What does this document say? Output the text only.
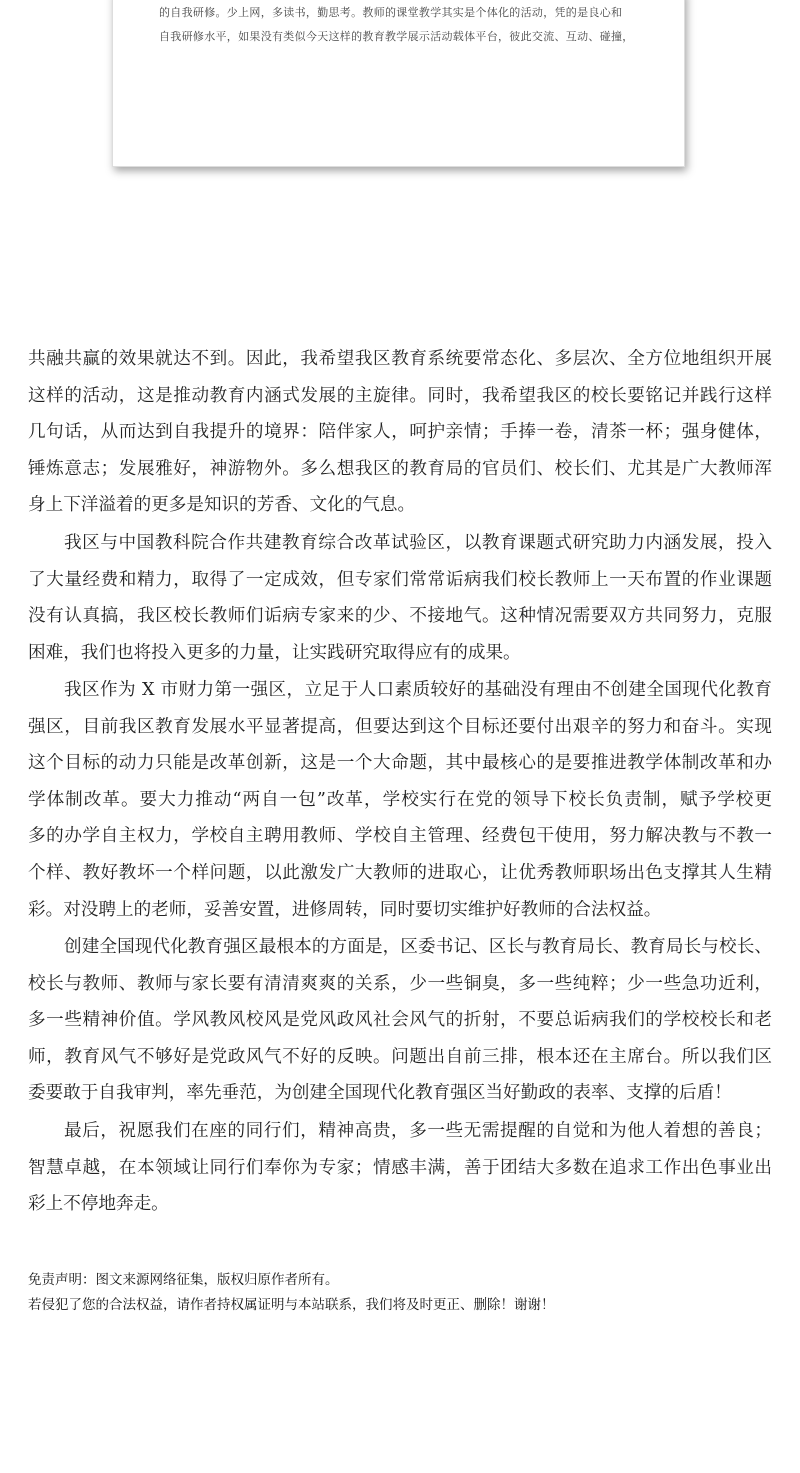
的自我研修。少上网，多读书，勤思考。教师的课堂教学其实是个体化的活动，凭的是良心和
自我研修水平，如果没有类似今天这样的教育教学展示活动载体平台，彼此交流、互动、碰撞，
共融共赢的效果就达不到。因此，我希望我区教育系统要常态化、多层次、全方位地组织开展
这样的活动，这是推动教育内涵式发展的主旋律。同时，我希望我区的校长要铭记并践行这样
几句话，从而达到自我提升的境界：陪伴家人，呵护亲情；手捧一卷，清茶一杯；强身健体，
锤炼意志；发展雅好，神游物外。多么想我区的教育局的官员们、校长们、尤其是广大教师浑
身上下洋溢着的更多是知识的芳香、文化的气息。
我区与中国教科院合作共建教育综合改革试验区，以教育课题式研究助力内涵发展，投入
了大量经费和精力，取得了一定成效，但专家们常常诟病我们校长教师上一天布置的作业课题
没有认真搞，我区校长教师们诟病专家来的少、不接地气。这种情况需要双方共同努力，克服
困难，我们也将投入更多的力量，让实践研究取得应有的成果。
我区作为 X 市财力第一强区，立足于人口素质较好的基础没有理由不创建全国现代化教育
强区，目前我区教育发展水平显著提高，但要达到这个目标还要付出艰辛的努力和奋斗。实现
这个目标的动力只能是改革创新，这是一个大命题，其中最核心的是要推进教学体制改革和办
学体制改革。要大力推动“两自一包”改革，学校实行在党的领导下校长负责制，赋予学校更
多的办学自主权力，学校自主聘用教师、学校自主管理、经费包干使用，努力解决教与不教一
个样、教好教坏一个样问题，以此激发广大教师的进取心，让优秀教师职场出色支撑其人生精
彩。对没聘上的老师，妥善安置，进修周转，同时要切实维护好教师的合法权益。
创建全国现代化教育强区最根本的方面是，区委书记、区长与教育局长、教育局长与校长、
校长与教师、教师与家长要有清清爽爽的关系，少一些铜臭，多一些纯粹；少一些急功近利，
多一些精神价值。学风教风校风是党风政风社会风气的折射，不要总诟病我们的学校校长和老
师，教育风气不够好是党政风气不好的反映。问题出自前三排，根本还在主席台。所以我们区
委要敢于自我审判，率先垂范，为创建全国现代化教育强区当好勤政的表率、支撑的后盾！
最后，祝愿我们在座的同行们，精神高贵，多一些无需提醒的自觉和为他人着想的善良；
智慧卓越，在本领域让同行们奉你为专家；情感丰满，善于团结大多数在追求工作出色事业出
彩上不停地奔走。
免责声明：图文来源网络征集，版权归原作者所有。
若侵犯了您的合法权益，请作者持权属证明与本站联系，我们将及时更正、删除！谢谢！
